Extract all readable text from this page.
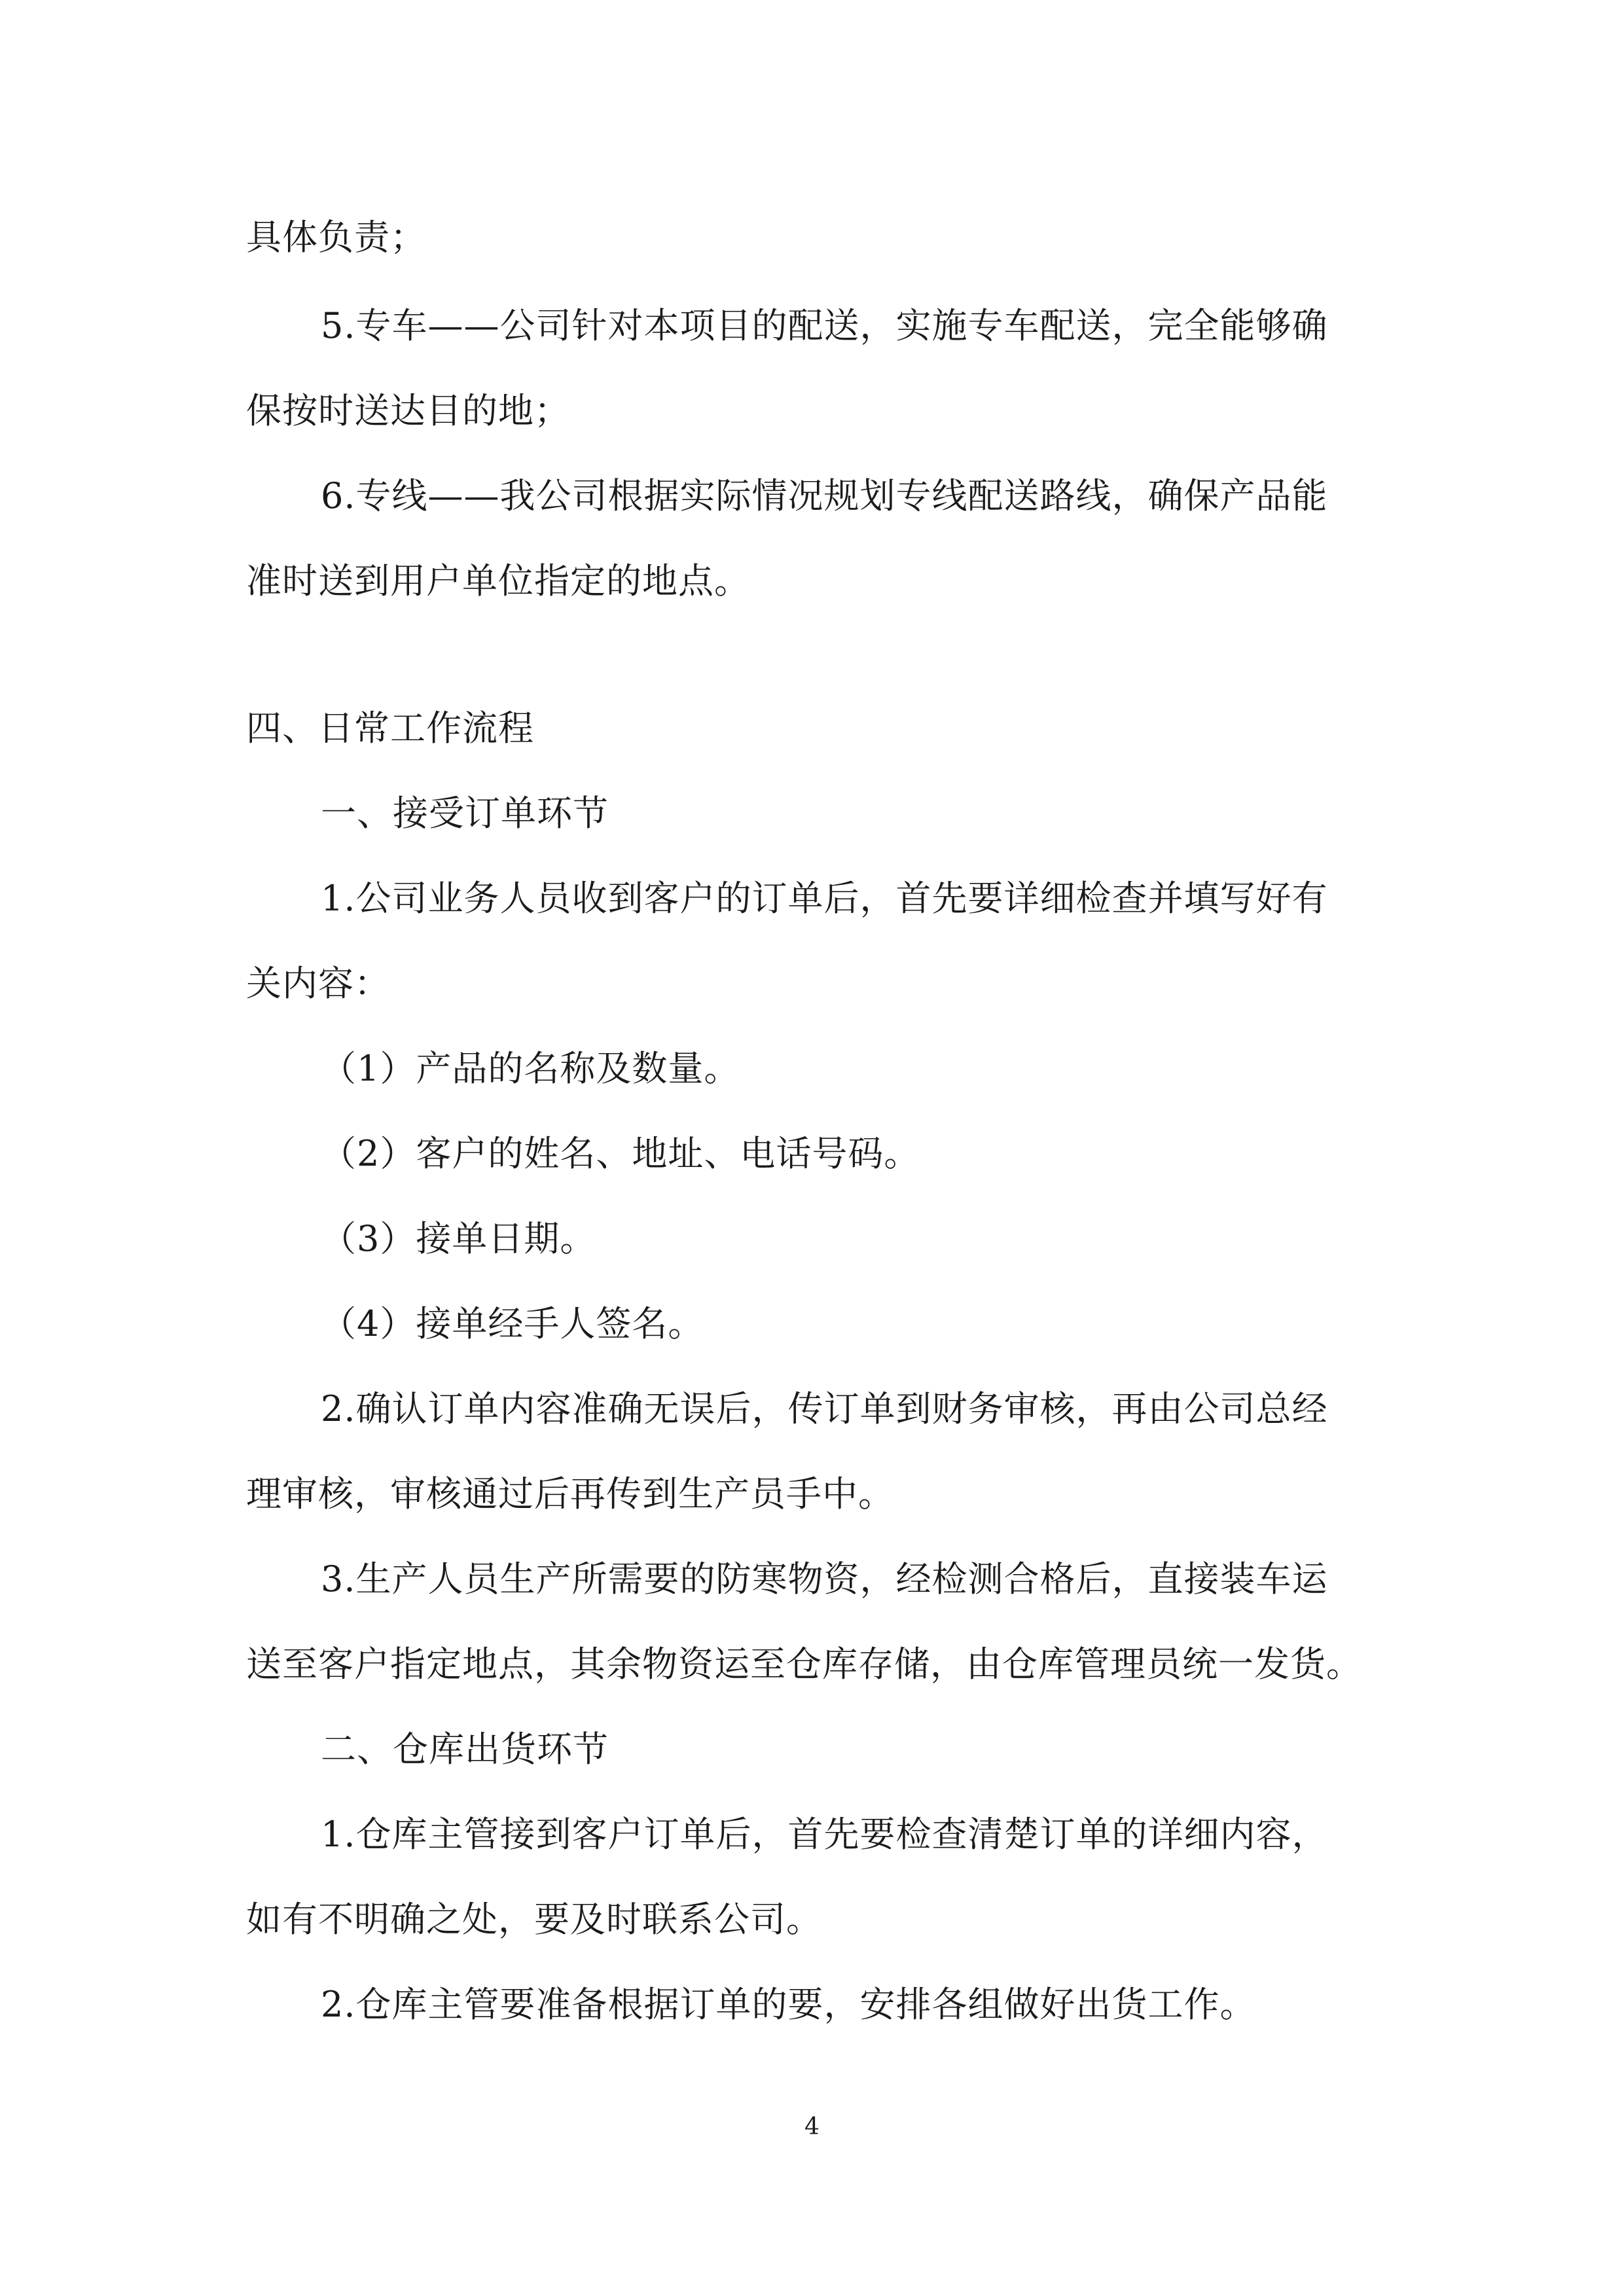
具体负责；
5.专车——公司针对本项目的配送，实施专车配送，完全能够确
保按时送达目的地；
6.专线——我公司根据实际情况规划专线配送路线，确保产品能
准时送到用户单位指定的地点。
四、日常工作流程
一、接受订单环节
1.公司业务人员收到客户的订单后，首先要详细检查并填写好有
关内容：
（1）产品的名称及数量。
（2）客户的姓名、地址、电话号码。
（3）接单日期。
（4）接单经手人签名。
2.确认订单内容准确无误后，传订单到财务审核，再由公司总经
理审核，审核通过后再传到生产员手中。
3.生产人员生产所需要的防寒物资，经检测合格后，直接装车运
送至客户指定地点，其余物资运至仓库存储，由仓库管理员统一发货。
二、仓库出货环节
1.仓库主管接到客户订单后，首先要检查清楚订单的详细内容，
如有不明确之处，要及时联系公司。
2.仓库主管要准备根据订单的要，安排各组做好出货工作。
4
